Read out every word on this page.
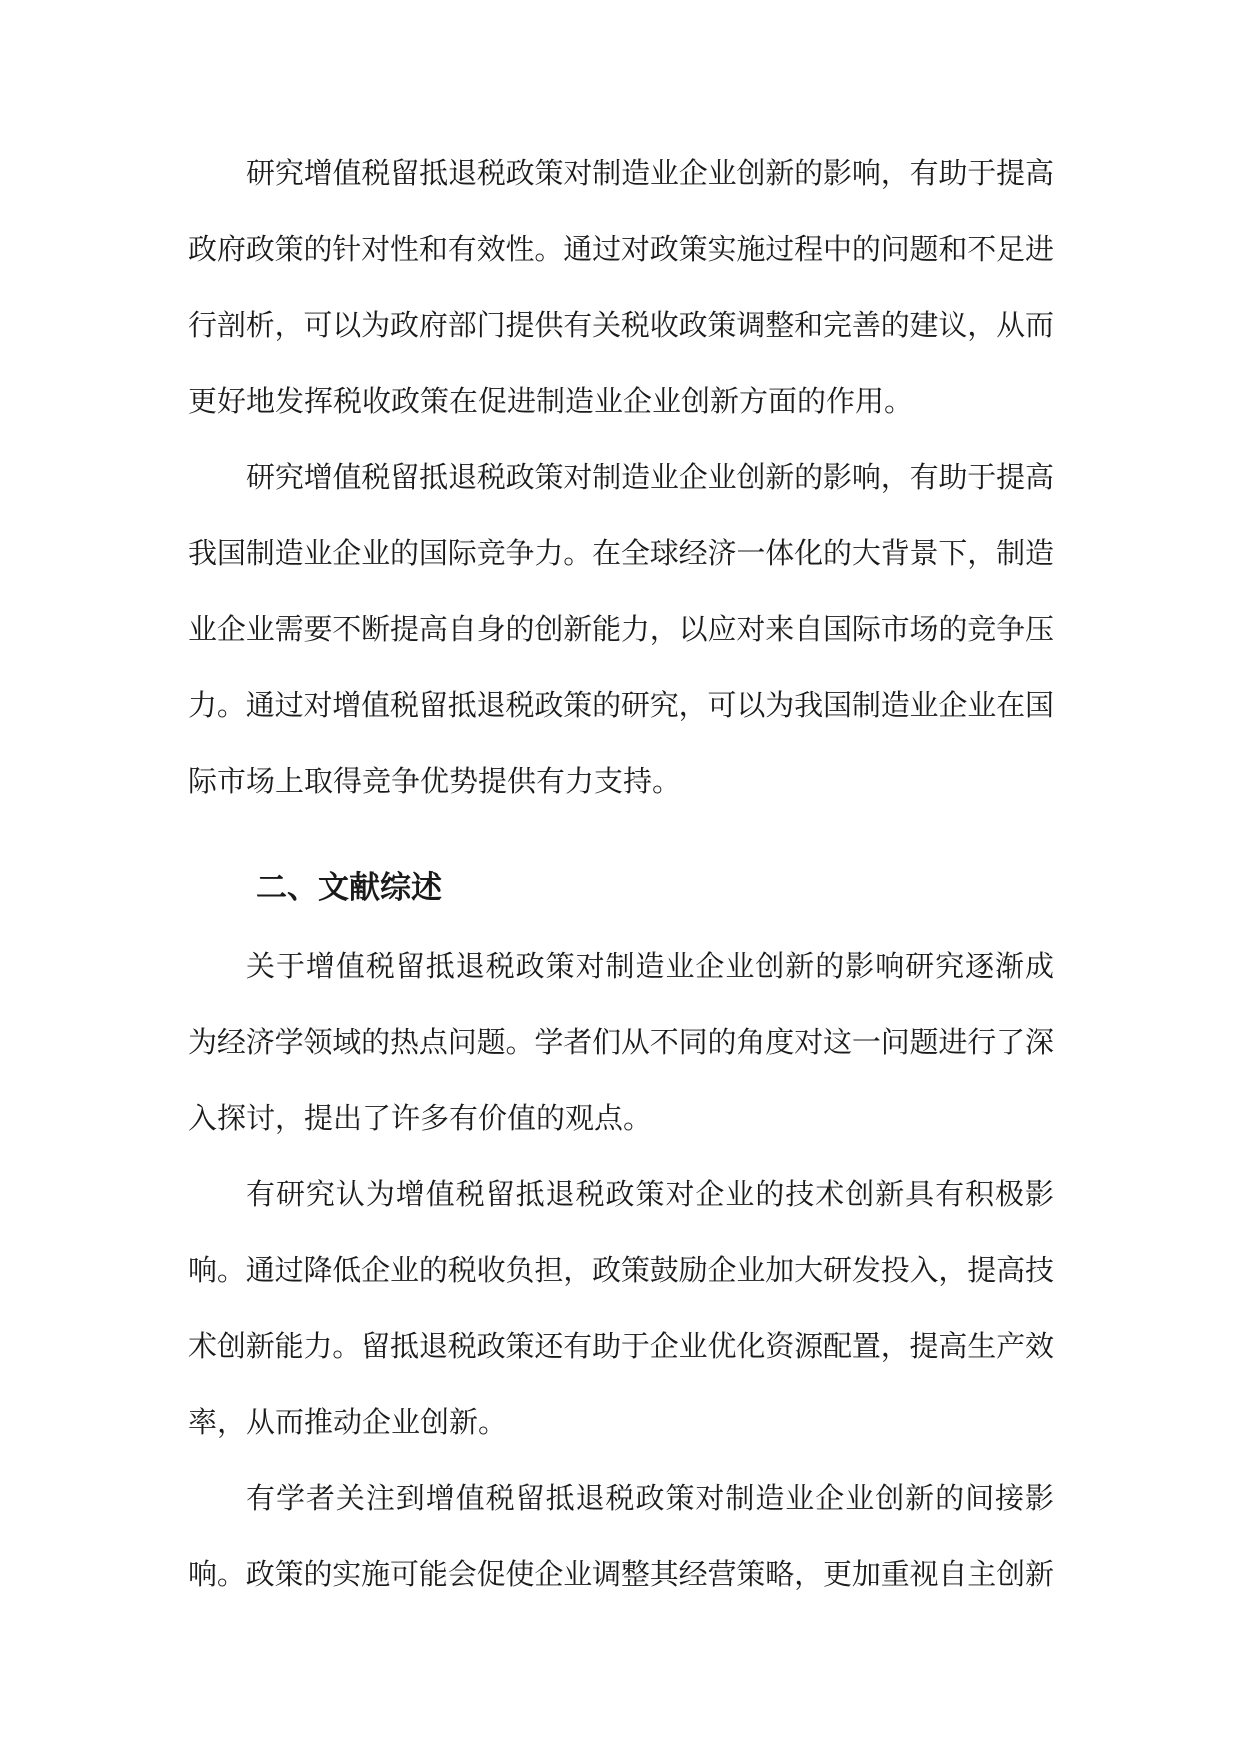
研究增值税留抵退税政策对制造业企业创新的影响，有助于提高
政府政策的针对性和有效性。通过对政策实施过程中的问题和不足进
行剖析，可以为政府部门提供有关税收政策调整和完善的建议，从而
更好地发挥税收政策在促进制造业企业创新方面的作用。
研究增值税留抵退税政策对制造业企业创新的影响，有助于提高
我国制造业企业的国际竞争力。在全球经济一体化的大背景下，制造
业企业需要不断提高自身的创新能力，以应对来自国际市场的竞争压
力。通过对增值税留抵退税政策的研究，可以为我国制造业企业在国
际市场上取得竞争优势提供有力支持。
二、文献综述
关于增值税留抵退税政策对制造业企业创新的影响研究逐渐成
为经济学领域的热点问题。学者们从不同的角度对这一问题进行了深
入探讨，提出了许多有价值的观点。
有研究认为增值税留抵退税政策对企业的技术创新具有积极影
响。通过降低企业的税收负担，政策鼓励企业加大研发投入，提高技
术创新能力。留抵退税政策还有助于企业优化资源配置，提高生产效
率，从而推动企业创新。
有学者关注到增值税留抵退税政策对制造业企业创新的间接影
响。政策的实施可能会促使企业调整其经营策略，更加重视自主创新
